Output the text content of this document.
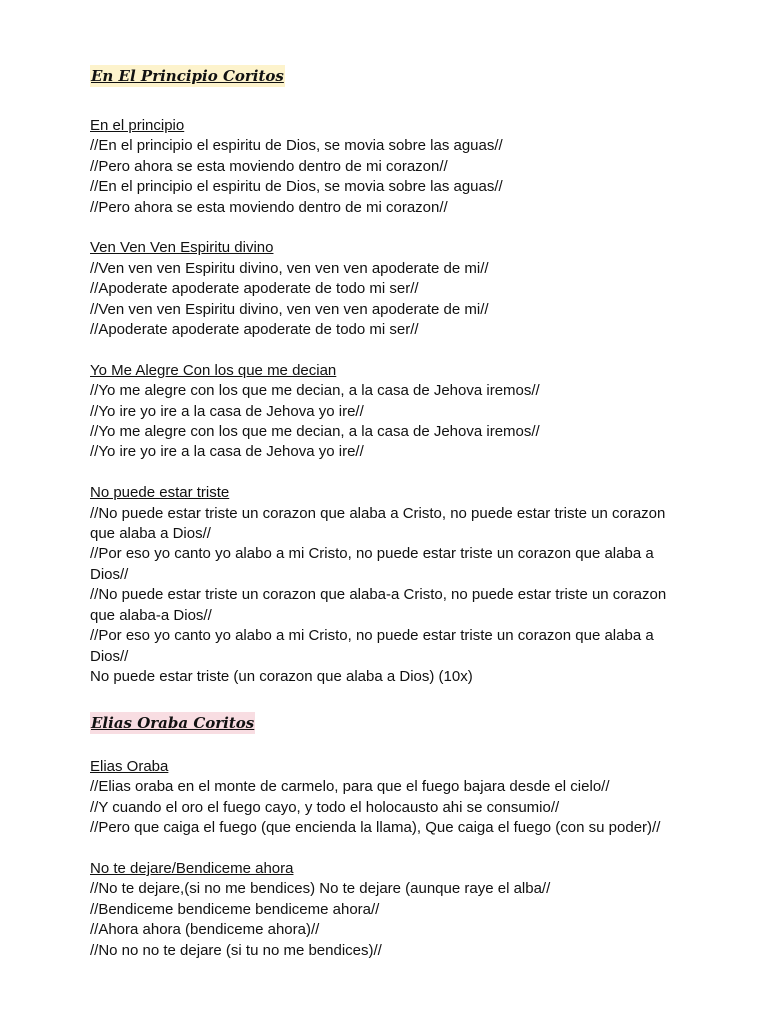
En El Principio Coritos
En el principio
//En el principio el espiritu de Dios, se movia sobre las aguas//
//Pero ahora se esta moviendo dentro de mi corazon//
//En el principio el espiritu de Dios, se movia sobre las aguas//
//Pero ahora se esta moviendo dentro de mi corazon//
Ven Ven Ven Espiritu divino
//Ven ven ven Espiritu divino, ven ven ven apoderate de mi//
//Apoderate apoderate apoderate de todo mi ser//
//Ven ven ven Espiritu divino, ven ven ven apoderate de mi//
//Apoderate apoderate apoderate de todo mi ser//
Yo Me Alegre Con los que me decian
//Yo me alegre con los que me decian, a la casa de Jehova iremos//
//Yo ire yo ire a la casa de Jehova yo ire//
//Yo me alegre con los que me decian, a la casa de Jehova iremos//
//Yo ire yo ire a la casa de Jehova yo ire//
No puede estar triste
//No puede estar triste un corazon que alaba a Cristo, no puede estar triste un corazon
que alaba a Dios//
//Por eso yo canto yo alabo a mi Cristo, no puede estar triste un corazon que alaba a
Dios//
//No puede estar triste un corazon que alaba-a Cristo, no puede estar triste un corazon
que alaba-a Dios//
//Por eso yo canto yo alabo a mi Cristo, no puede estar triste un corazon que alaba a
Dios//
No puede estar triste (un corazon que alaba a Dios) (10x)
Elias Oraba Coritos
Elias Oraba
//Elias oraba en el monte de carmelo, para que el fuego bajara desde el cielo//
//Y cuando el oro el fuego cayo, y todo el holocausto ahi se consumio//
//Pero que caiga el fuego (que encienda la llama), Que caiga el fuego (con su poder)//
No te dejare/Bendiceme ahora
//No te dejare,(si no me bendices) No te dejare (aunque raye el alba//
//Bendiceme bendiceme bendiceme ahora//
//Ahora ahora (bendiceme ahora)//
//No no no te dejare (si tu no me bendices)//
